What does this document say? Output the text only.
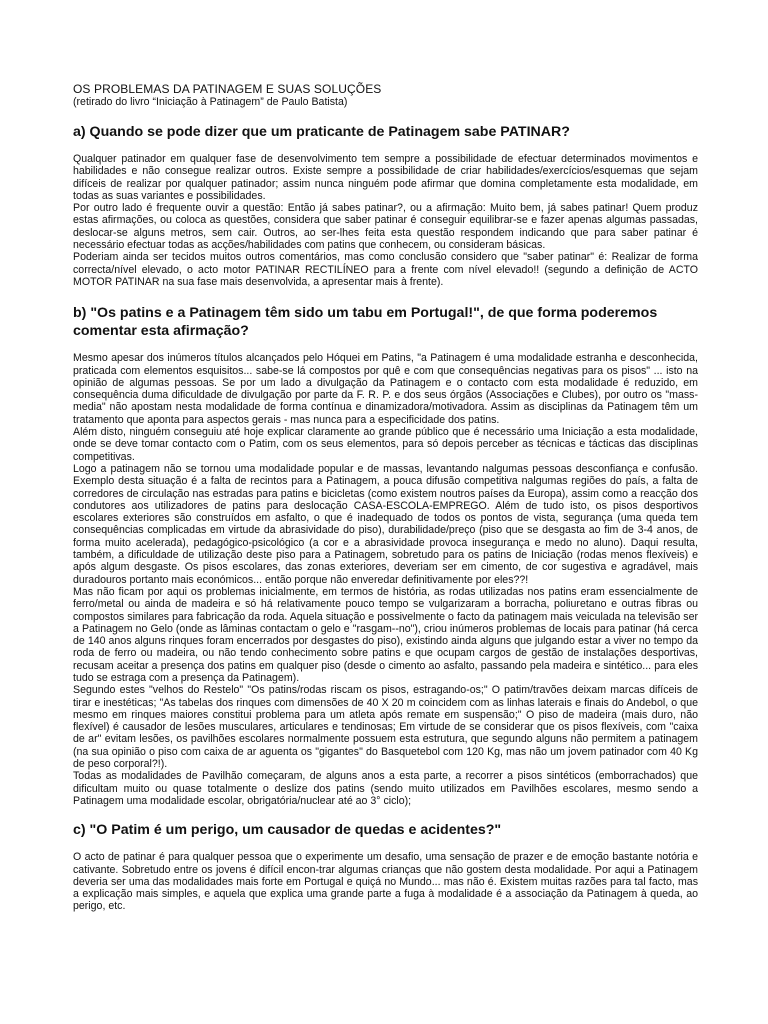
OS PROBLEMAS DA PATINAGEM E SUAS SOLUÇÕES

(retirado do livro “Iniciação à Patinagem” de Paulo Batista)

a) Quando se pode dizer que um praticante de Patinagem sabe PATINAR?

Qualquer patinador em qualquer fase de desenvolvimento tem sempre a possibilidade de efectuar determinados movimentos e habilidades e não consegue realizar outros. Existe sempre a possibilidade de criar habilidades/exercícios/esquemas que sejam difíceis de realizar por qualquer patinador; assim nunca ninguém pode afirmar que domina completamente esta modalidade, em todas as suas variantes e possibilidades.

Por outro lado é frequente ouvir a questão: Então já sabes patinar?, ou a afirmação: Muito bem, já sabes patinar! Quem produz estas afirmações, ou coloca as questões, considera que saber patinar é conseguir equilibrar-se e fazer apenas algumas passadas, deslocar-se alguns metros, sem cair. Outros, ao ser-lhes feita esta questão respondem indicando que para saber patinar é necessário efectuar todas as acções/habilidades com patins que conhecem, ou consideram básicas.

Poderiam ainda ser tecidos muitos outros comentários, mas como conclusão considero que "saber patinar" é: Realizar de forma correcta/nível elevado, o acto motor PATINAR RECTILÍNEO para a frente com nível elevado!! (segundo a definição de ACTO MOTOR PATINAR na sua fase mais desenvolvida, a apresentar mais à frente).

b) "Os patins e a Patinagem têm sido um tabu em Portugal!", de que forma poderemos comentar esta afirmação?

Mesmo apesar dos inúmeros títulos alcançados pelo Hóquei em Patins, "a Patinagem é uma modalidade estranha e desconhecida, praticada com elementos esquisitos... sabe-se lá compostos por quê e com que consequências negativas para os pisos" ... isto na opinião de algumas pessoas. Se por um lado a divulgação da Patinagem e o contacto com esta modalidade é reduzido, em consequência duma dificuldade de divulgação por parte da F. R. P. e dos seus órgãos (Associações e Clubes), por outro os "mass-media" não apostam nesta modalidade de forma contínua e dinamizadora/motivadora. Assim as disciplinas da Patinagem têm um tratamento que aponta para aspectos gerais - mas nunca para a especificidade dos patins.

Além disto, ninguém conseguiu até hoje explicar claramente ao grande público que é necessário uma Iniciação a esta modalidade, onde se deve tomar contacto com o Patim, com os seus elementos, para só depois perceber as técnicas e tácticas das disciplinas competitivas.

Logo a patinagem não se tornou uma modalidade popular e de massas, levantando nalgumas pessoas desconfiança e confusão. Exemplo desta situação é a falta de recintos para a Patinagem, a pouca difusão competitiva nalgumas regiões do país, a falta de corredores de circulação nas estradas para patins e bicicletas (como existem noutros países da Europa), assim como a reacção dos condutores aos utilizadores de patins para deslocação CASA-ESCOLA-EMPREGO. Além de tudo isto, os pisos desportivos escolares exteriores são construídos em asfalto, o que é inadequado de todos os pontos de vista, segurança (uma queda tem consequências complicadas em virtude da abrasividade do piso), durabilidade/preço (piso que se desgasta ao fim de 3-4 anos, de forma muito acelerada), pedagógico-psicológico (a cor e a abrasividade provoca insegurança e medo no aluno). Daqui resulta, também, a dificuldade de utilização deste piso para a Patinagem, sobretudo para os patins de Iniciação (rodas menos flexíveis) e após algum desgaste. Os pisos escolares, das zonas exteriores, deveriam ser em cimento, de cor sugestiva e agradável, mais duradouros portanto mais económicos... então porque não enveredar definitivamente por eles??!

Mas não ficam por aqui os problemas inicialmente, em termos de história, as rodas utilizadas nos patins eram essencialmente de ferro/metal ou ainda de madeira e só há relativamente pouco tempo se vulgarizaram a borracha, poliuretano e outras fibras ou compostos similares para fabricação da roda. Aquela situação e possivelmente o facto da patinagem mais veiculada na televisão ser a Patinagem no Gelo (onde as lâminas contactam o gelo e "rasgam--no"), criou inúmeros problemas de locais para patinar (há cerca de 140 anos alguns rinques foram encerrados por desgastes do piso), existindo ainda alguns que julgando estar a viver no tempo da roda de ferro ou madeira, ou não tendo conhecimento sobre patins e que ocupam cargos de gestão de instalações desportivas, recusam aceitar a presença dos patins em qualquer piso (desde o cimento ao asfalto, passando pela madeira e sintético... para eles tudo se estraga com a presença da Patinagem).

Segundo estes "velhos do Restelo" "Os patins/rodas riscam os pisos, estragando-os;" O patim/travões deixam marcas difíceis de tirar e inestéticas; "As tabelas dos rinques com dimensões de 40 X 20 m coincidem com as linhas laterais e finais do Andebol, o que mesmo em rinques maiores constitui problema para um atleta após remate em suspensão;" O piso de madeira (mais duro, não flexível) é causador de lesões musculares, articulares e tendinosas; Em virtude de se considerar que os pisos flexíveis, com "caixa de ar" evitam lesões, os pavilhões escolares normalmente possuem esta estrutura, que segundo alguns não permitem a patinagem (na sua opinião o piso com caixa de ar aguenta os "gigantes" do Basquetebol com 120 Kg, mas não um jovem patinador com 40 Kg de peso corporal?!).

Todas as modalidades de Pavilhão começaram, de alguns anos a esta parte, a recorrer a pisos sintéticos (emborrachados) que dificultam muito ou quase totalmente o deslize dos patins (sendo muito utilizados em Pavilhões escolares, mesmo sendo a Patinagem uma modalidade escolar, obrigatória/nuclear até ao 3° ciclo);

c) "O Patim é um perigo, um causador de quedas e acidentes?"

O acto de patinar é para qualquer pessoa que o experimente um desafio, uma sensação de prazer e de emoção bastante notória e cativante. Sobretudo entre os jovens é difícil encon-trar algumas crianças que não gostem desta modalidade. Por aqui a Patinagem deveria ser uma das modalidades mais forte em Portugal e quiçá no Mundo... mas não é. Existem muitas razões para tal facto, mas a explicação mais simples, e aquela que explica uma grande parte a fuga à modalidade é a associação da Patinagem à queda, ao perigo, etc.
